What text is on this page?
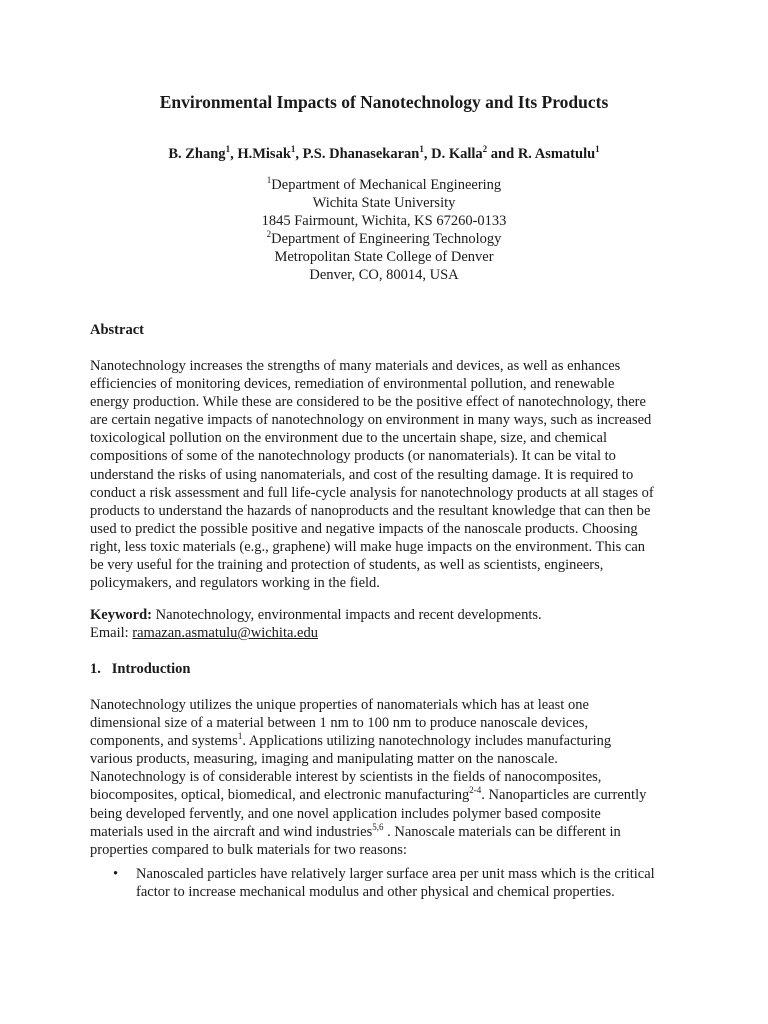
Environmental Impacts of Nanotechnology and Its Products
B. Zhang$^1$, H.Misak$^1$, P.S. Dhanasekaran$^1$, D. Kalla$^2$ and R. Asmatulu$^1$
$^1$Department of Mechanical Engineering
Wichita State University
1845 Fairmount, Wichita, KS 67260-0133
$^2$Department of Engineering Technology
Metropolitan State College of Denver
Denver, CO, 80014, USA
Abstract
Nanotechnology increases the strengths of many materials and devices, as well as enhances
efficiencies of monitoring devices, remediation of environmental pollution, and renewable
energy production. While these are considered to be the positive effect of nanotechnology, there
are certain negative impacts of nanotechnology on environment in many ways, such as increased
toxicological pollution on the environment due to the uncertain shape, size, and chemical
compositions of some of the nanotechnology products (or nanomaterials). It can be vital to
understand the risks of using nanomaterials, and cost of the resulting damage. It is required to
conduct a risk assessment and full life-cycle analysis for nanotechnology products at all stages of
products to understand the hazards of nanoproducts and the resultant knowledge that can then be
used to predict the possible positive and negative impacts of the nanoscale products. Choosing
right, less toxic materials (e.g., graphene) will make huge impacts on the environment. This can
be very useful for the training and protection of students, as well as scientists, engineers,
policymakers, and regulators working in the field.
Keyword: Nanotechnology, environmental impacts and recent developments.
Email: ramazan.asmatulu@wichita.edu
1. Introduction
Nanotechnology utilizes the unique properties of nanomaterials which has at least one
dimensional size of a material between 1 nm to 100 nm to produce nanoscale devices,
components, and systems$^1$. Applications utilizing nanotechnology includes manufacturing
various products, measuring, imaging and manipulating matter on the nanoscale.
Nanotechnology is of considerable interest by scientists in the fields of nanocomposites,
biocomposites, optical, biomedical, and electronic manufacturing$^{2-4}$. Nanoparticles are currently
being developed fervently, and one novel application includes polymer based composite
materials used in the aircraft and wind industries$^{5,6}$ . Nanoscale materials can be different in
properties compared to bulk materials for two reasons:
• Nanoscaled particles have relatively larger surface area per unit mass which is the critical
factor to increase mechanical modulus and other physical and chemical properties.
